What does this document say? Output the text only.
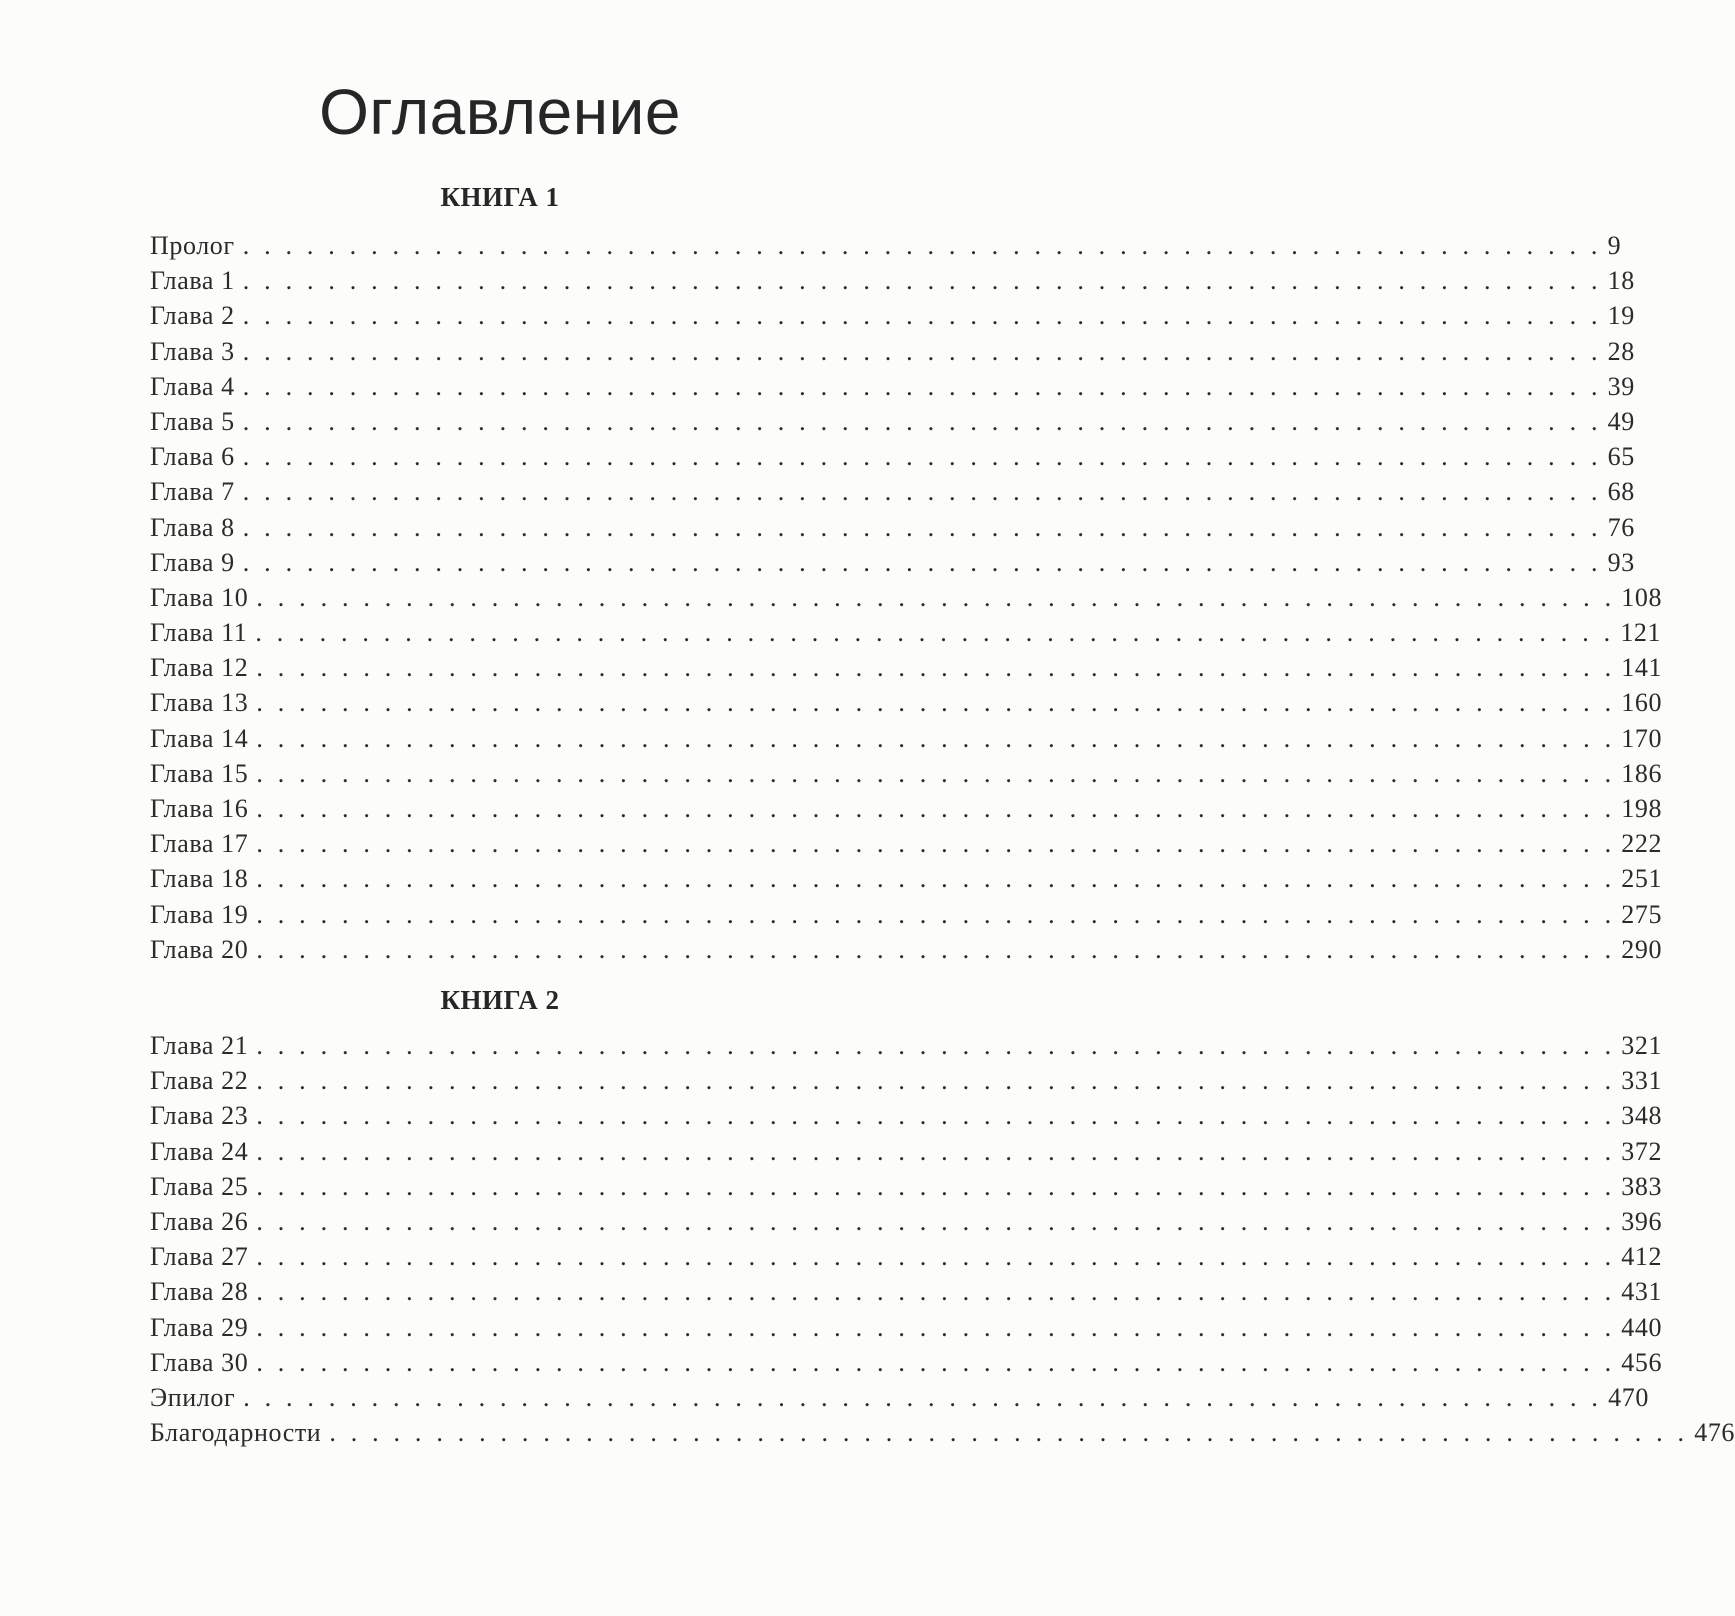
Оглавление
КНИГА 1
Пролог . . . . . . . . . . . . . . . . . . . . . . . . . . . . . . . . . . . . . . . . . . . . . . . . . . . . . . . . . . . . . . . . 9
Глава 1 . . . . . . . . . . . . . . . . . . . . . . . . . . . . . . . . . . . . . . . . . . . . . . . . . . . . . . . . . . . . . . . . 18
Глава 2 . . . . . . . . . . . . . . . . . . . . . . . . . . . . . . . . . . . . . . . . . . . . . . . . . . . . . . . . . . . . . . . . 19
Глава 3 . . . . . . . . . . . . . . . . . . . . . . . . . . . . . . . . . . . . . . . . . . . . . . . . . . . . . . . . . . . . . . . . 28
Глава 4 . . . . . . . . . . . . . . . . . . . . . . . . . . . . . . . . . . . . . . . . . . . . . . . . . . . . . . . . . . . . . . . . 39
Глава 5 . . . . . . . . . . . . . . . . . . . . . . . . . . . . . . . . . . . . . . . . . . . . . . . . . . . . . . . . . . . . . . . . 49
Глава 6 . . . . . . . . . . . . . . . . . . . . . . . . . . . . . . . . . . . . . . . . . . . . . . . . . . . . . . . . . . . . . . . . 65
Глава 7 . . . . . . . . . . . . . . . . . . . . . . . . . . . . . . . . . . . . . . . . . . . . . . . . . . . . . . . . . . . . . . . . 68
Глава 8 . . . . . . . . . . . . . . . . . . . . . . . . . . . . . . . . . . . . . . . . . . . . . . . . . . . . . . . . . . . . . . . . 76
Глава 9 . . . . . . . . . . . . . . . . . . . . . . . . . . . . . . . . . . . . . . . . . . . . . . . . . . . . . . . . . . . . . . . . 93
Глава 10 . . . . . . . . . . . . . . . . . . . . . . . . . . . . . . . . . . . . . . . . . . . . . . . . . . . . . . . . . . . . . . . . 108
Глава 11 . . . . . . . . . . . . . . . . . . . . . . . . . . . . . . . . . . . . . . . . . . . . . . . . . . . . . . . . . . . . . . . . 121
Глава 12 . . . . . . . . . . . . . . . . . . . . . . . . . . . . . . . . . . . . . . . . . . . . . . . . . . . . . . . . . . . . . . . . 141
Глава 13 . . . . . . . . . . . . . . . . . . . . . . . . . . . . . . . . . . . . . . . . . . . . . . . . . . . . . . . . . . . . . . . . 160
Глава 14 . . . . . . . . . . . . . . . . . . . . . . . . . . . . . . . . . . . . . . . . . . . . . . . . . . . . . . . . . . . . . . . . 170
Глава 15 . . . . . . . . . . . . . . . . . . . . . . . . . . . . . . . . . . . . . . . . . . . . . . . . . . . . . . . . . . . . . . . . 186
Глава 16 . . . . . . . . . . . . . . . . . . . . . . . . . . . . . . . . . . . . . . . . . . . . . . . . . . . . . . . . . . . . . . . . 198
Глава 17 . . . . . . . . . . . . . . . . . . . . . . . . . . . . . . . . . . . . . . . . . . . . . . . . . . . . . . . . . . . . . . . . 222
Глава 18 . . . . . . . . . . . . . . . . . . . . . . . . . . . . . . . . . . . . . . . . . . . . . . . . . . . . . . . . . . . . . . . . 251
Глава 19 . . . . . . . . . . . . . . . . . . . . . . . . . . . . . . . . . . . . . . . . . . . . . . . . . . . . . . . . . . . . . . . . 275
Глава 20 . . . . . . . . . . . . . . . . . . . . . . . . . . . . . . . . . . . . . . . . . . . . . . . . . . . . . . . . . . . . . . . . 290
КНИГА 2
Глава 21 . . . . . . . . . . . . . . . . . . . . . . . . . . . . . . . . . . . . . . . . . . . . . . . . . . . . . . . . . . . . . . . . 321
Глава 22 . . . . . . . . . . . . . . . . . . . . . . . . . . . . . . . . . . . . . . . . . . . . . . . . . . . . . . . . . . . . . . . . 331
Глава 23 . . . . . . . . . . . . . . . . . . . . . . . . . . . . . . . . . . . . . . . . . . . . . . . . . . . . . . . . . . . . . . . . 348
Глава 24 . . . . . . . . . . . . . . . . . . . . . . . . . . . . . . . . . . . . . . . . . . . . . . . . . . . . . . . . . . . . . . . . 372
Глава 25 . . . . . . . . . . . . . . . . . . . . . . . . . . . . . . . . . . . . . . . . . . . . . . . . . . . . . . . . . . . . . . . . 383
Глава 26 . . . . . . . . . . . . . . . . . . . . . . . . . . . . . . . . . . . . . . . . . . . . . . . . . . . . . . . . . . . . . . . . 396
Глава 27 . . . . . . . . . . . . . . . . . . . . . . . . . . . . . . . . . . . . . . . . . . . . . . . . . . . . . . . . . . . . . . . . 412
Глава 28 . . . . . . . . . . . . . . . . . . . . . . . . . . . . . . . . . . . . . . . . . . . . . . . . . . . . . . . . . . . . . . . . 431
Глава 29 . . . . . . . . . . . . . . . . . . . . . . . . . . . . . . . . . . . . . . . . . . . . . . . . . . . . . . . . . . . . . . . . 440
Глава 30 . . . . . . . . . . . . . . . . . . . . . . . . . . . . . . . . . . . . . . . . . . . . . . . . . . . . . . . . . . . . . . . . 456
Эпилог . . . . . . . . . . . . . . . . . . . . . . . . . . . . . . . . . . . . . . . . . . . . . . . . . . . . . . . . . . . . . . . . 470
Благодарности . . . . . . . . . . . . . . . . . . . . . . . . . . . . . . . . . . . . . . . . . . . . . . . . . . . . . . . . . . . . . . . . 476
